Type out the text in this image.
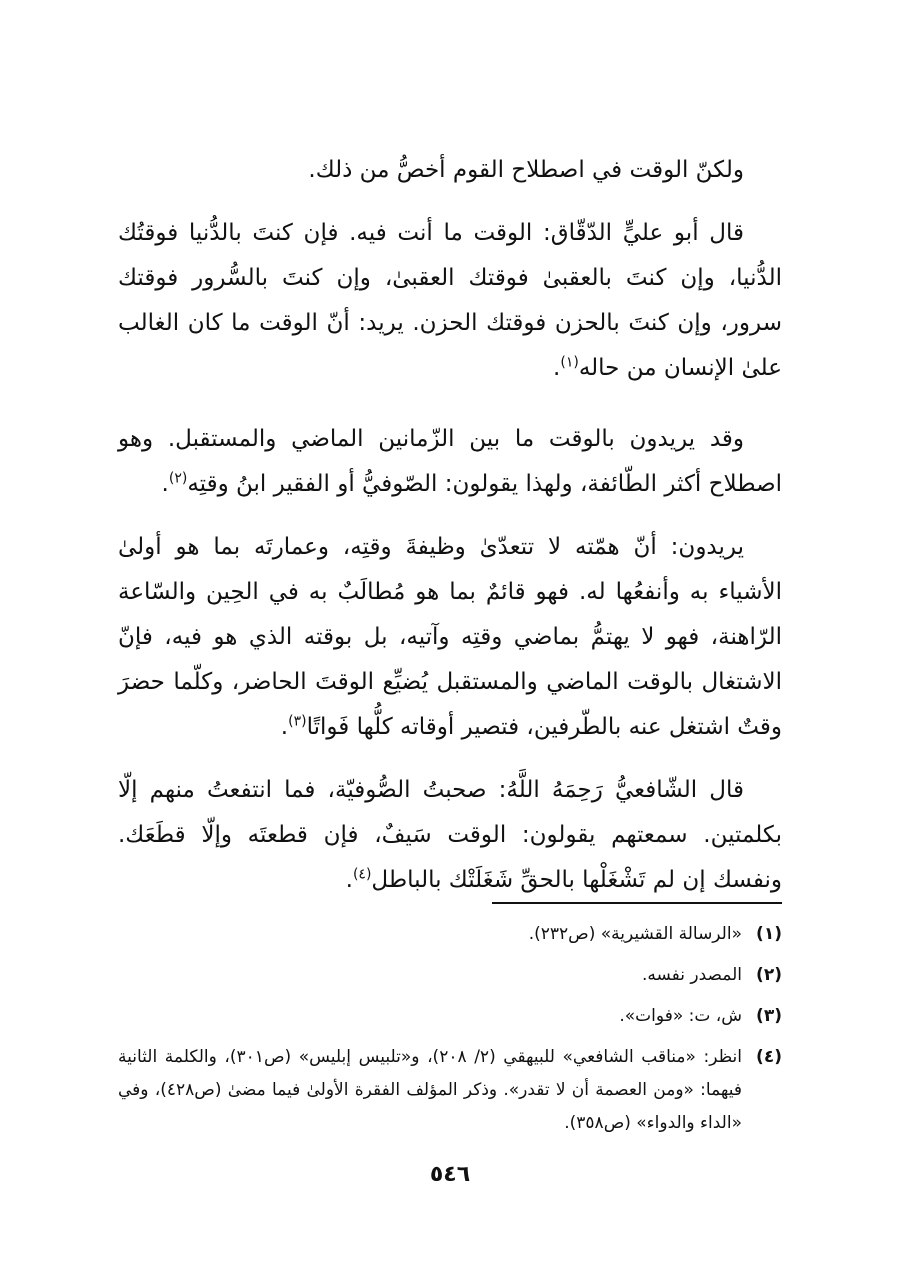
ولكنّ الوقت في اصطلاح القوم أخصُّ من ذلك.

قال أبو عليٍّ الدّقّاق: الوقت ما أنت فيه. فإن كنتَ بالدُّنيا فوقتُك الدُّنيا، وإن كنتَ بالعقبىٰ فوقتك العقبىٰ، وإن كنتَ بالسُّرور فوقتك سرور، وإن كنتَ بالحزن فوقتك الحزن. يريد: أنّ الوقت ما كان الغالب علىٰ الإنسان من حاله$^{(١)}$.

وقد يريدون بالوقت ما بين الزّمانين الماضي والمستقبل. وهو اصطلاح أكثر الطّائفة، ولهذا يقولون: الصّوفيُّ أو الفقير ابنُ وقتِه$^{(٢)}$.

يريدون: أنّ همّته لا تتعدّىٰ وظيفةَ وقتِه، وعمارتَه بما هو أولىٰ الأشياء به وأنفعُها له. فهو قائمٌ بما هو مُطالَبٌ به في الحِين والسّاعة الرّاهنة، فهو لا يهتمُّ بماضي وقتِه وآتيه، بل بوقته الذي هو فيه، فإنّ الاشتغال بالوقت الماضي والمستقبل يُضيِّع الوقتَ الحاضر، وكلّما حضرَ وقتٌ اشتغل عنه بالطّرفين، فتصير أوقاته كلُّها فَواتًا$^{(٣)}$.

قال الشّافعيُّ رَحِمَهُ اللَّهُ: صحبتُ الصُّوفيّة، فما انتفعتُ منهم إلّا بكلمتين. سمعتهم يقولون: الوقت سَيفٌ، فإن قطعتَه وإلّا قطَعَك. ونفسك إن لم تَشْغَلْها بالحقِّ شَغَلَتْك بالباطل$^{(٤)}$.

(١)
«الرسالة القشيرية» (ص٢٣٢).
(٢)
المصدر نفسه.
(٣)
ش، ت: «فوات».
(٤)
انظر: «مناقب الشافعي» للبيهقي (٢/ ٢٠٨)، و«تلبيس إبليس» (ص٣٠١)، والكلمة الثانية فيهما: «ومن العصمة أن لا تقدر». وذكر المؤلف الفقرة الأولىٰ فيما مضىٰ (ص٤٢٨)، وفي «الداء والدواء» (ص٣٥٨).
٥٤٦
